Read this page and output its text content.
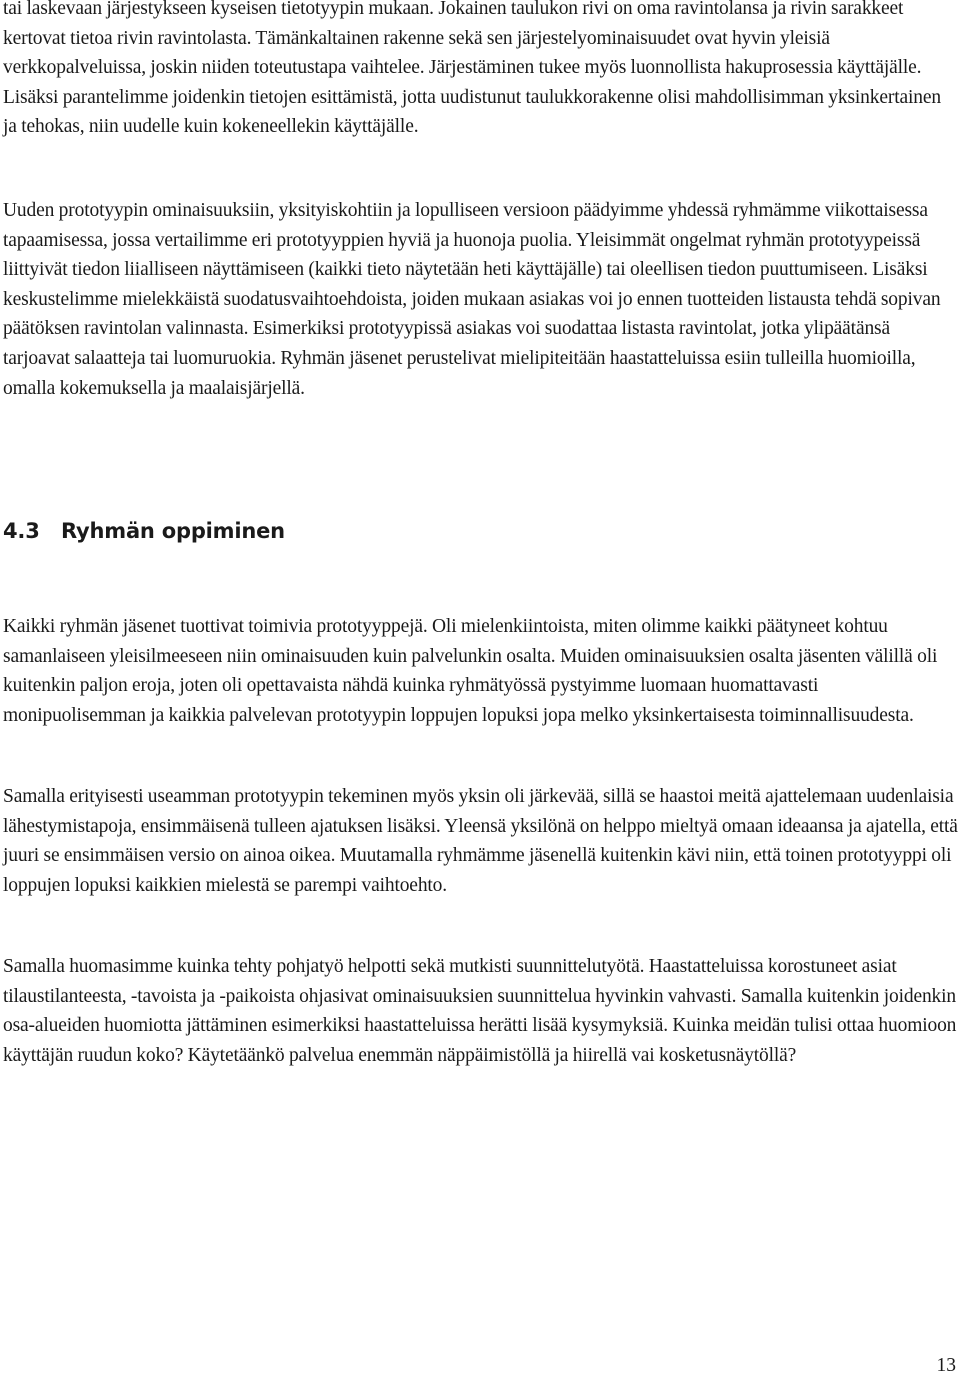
tai laskevaan järjestykseen kyseisen tietotyypin mukaan. Jokainen taulukon rivi on oma ravintolansa ja rivin sarakkeet kertovat tietoa rivin ravintolasta. Tämänkaltainen rakenne sekä sen järjestelyominaisuudet ovat hyvin yleisiä verkkopalveluissa, joskin niiden toteutustapa vaihtelee. Järjestäminen tukee myös luonnollista hakuprosessia käyttäjälle. Lisäksi parantelimme joidenkin tietojen esittämistä, jotta uudistunut taulukkorakenne olisi mahdollisimman yksinkertainen ja tehokas, niin uudelle kuin kokeneellekin käyttäjälle.

Uuden prototyypin ominaisuuksiin, yksityiskohtiin ja lopulliseen versioon päädyimme yhdessä ryhmämme viikottaisessa tapaamisessa, jossa vertailimme eri prototyyppien hyviä ja huonoja puolia. Yleisimmät ongelmat ryhmän prototyypeissä liittyivät tiedon liialliseen näyttämiseen (kaikki tieto näytetään heti käyttäjälle) tai oleellisen tiedon puuttumiseen. Lisäksi keskustelimme mielekkäistä suodatusvaihtoehdoista, joiden mukaan asiakas voi jo ennen tuotteiden listausta tehdä sopivan päätöksen ravintolan valinnasta. Esimerkiksi prototyypissä asiakas voi suodattaa listasta ravintolat, jotka ylipäätänsä tarjoavat salaatteja tai luomuruokia. Ryhmän jäsenet perustelivat mielipiteitään haastatteluissa esiin tulleilla huomioilla, omalla kokemuksella ja maalaisjärjellä.

4.3 Ryhmän oppiminen

Kaikki ryhmän jäsenet tuottivat toimivia prototyyppejä. Oli mielenkiintoista, miten olimme kaikki päätyneet kohtuu samanlaiseen yleisilmeeseen niin ominaisuuden kuin palvelunkin osalta. Muiden ominaisuuksien osalta jäsenten välillä oli kuitenkin paljon eroja, joten oli opettavaista nähdä kuinka ryhmätyössä pystyimme luomaan huomattavasti monipuolisemman ja kaikkia palvelevan prototyypin loppujen lopuksi jopa melko yksinkertaisesta toiminnallisuudesta.

Samalla erityisesti useamman prototyypin tekeminen myös yksin oli järkevää, sillä se haastoi meitä ajattelemaan uudenlaisia lähestymistapoja, ensimmäisenä tulleen ajatuksen lisäksi. Yleensä yksilönä on helppo mieltyä omaan ideaansa ja ajatella, että juuri se ensimmäisen versio on ainoa oikea. Muutamalla ryhmämme jäsenellä kuitenkin kävi niin, että toinen prototyyppi oli loppujen lopuksi kaikkien mielestä se parempi vaihtoehto.

Samalla huomasimme kuinka tehty pohjatyö helpotti sekä mutkisti suunnittelutyötä. Haastatteluissa korostuneet asiat tilaustilanteesta, -tavoista ja -paikoista ohjasivat ominaisuuksien suunnittelua hyvinkin vahvasti. Samalla kuitenkin joidenkin osa-alueiden huomiotta jättäminen esimerkiksi haastatteluissa herätti lisää kysymyksiä. Kuinka meidän tulisi ottaa huomioon käyttäjän ruudun koko? Käytetäänkö palvelua enemmän näppäimistöllä ja hiirellä vai kosketusnäytöllä?

13
